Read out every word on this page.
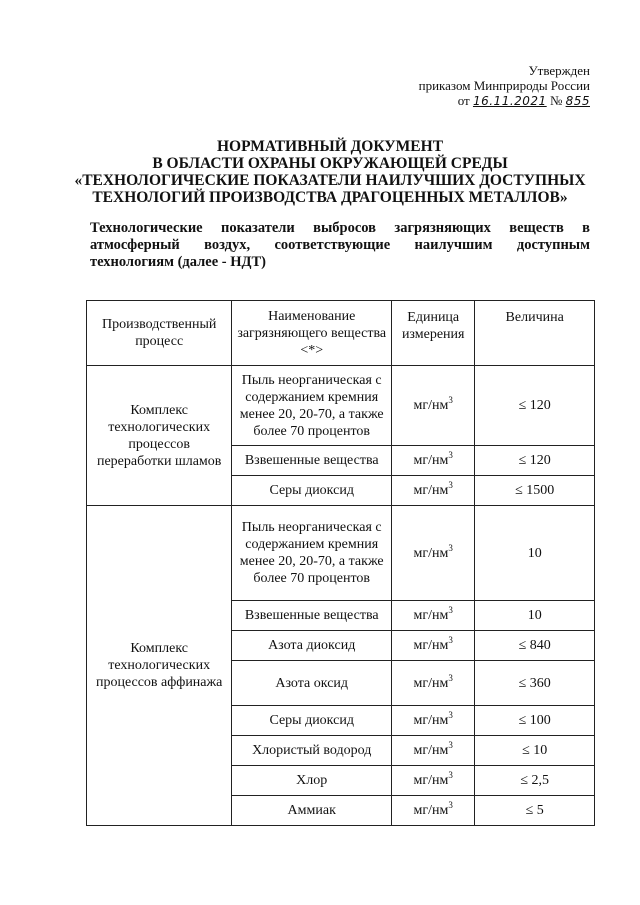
Утвержден
приказом Минприроды России
от 16.11.2021 № 855
НОРМАТИВНЫЙ ДОКУМЕНТ
В ОБЛАСТИ ОХРАНЫ ОКРУЖАЮЩЕЙ СРЕДЫ
«ТЕХНОЛОГИЧЕСКИЕ ПОКАЗАТЕЛИ НАИЛУЧШИХ ДОСТУПНЫХ
ТЕХНОЛОГИЙ ПРОИЗВОДСТВА ДРАГОЦЕННЫХ МЕТАЛЛОВ»
Технологические показатели выбросов загрязняющих веществ в атмосферный воздух, соответствующие наилучшим доступным технологиям (далее - НДТ)
Производственный процесс	Наименование загрязняющего вещества <*>	Единица измерения	Величина
Комплекс технологических процессов переработки шламов	Пыль неорганическая с содержанием кремния менее 20, 20-70, а также более 70 процентов	$мг/нм^3$	≤ 120
	Взвешенные вещества	$мг/нм^3$	≤ 120
	Серы диоксид	$мг/нм^3$	≤ 1500
Комплекс технологических процессов аффинажа	Пыль неорганическая с содержанием кремния менее 20, 20-70, а также более 70 процентов	$мг/нм^3$	10
	Взвешенные вещества	$мг/нм^3$	10
	Азота диоксид	$мг/нм^3$	≤ 840
	Азота оксид	$мг/нм^3$	≤ 360
	Серы диоксид	$мг/нм^3$	≤ 100
	Хлористый водород	$мг/нм^3$	≤ 10
	Хлор	$мг/нм^3$	≤ 2,5
	Аммиак	$мг/нм^3$	≤ 5
